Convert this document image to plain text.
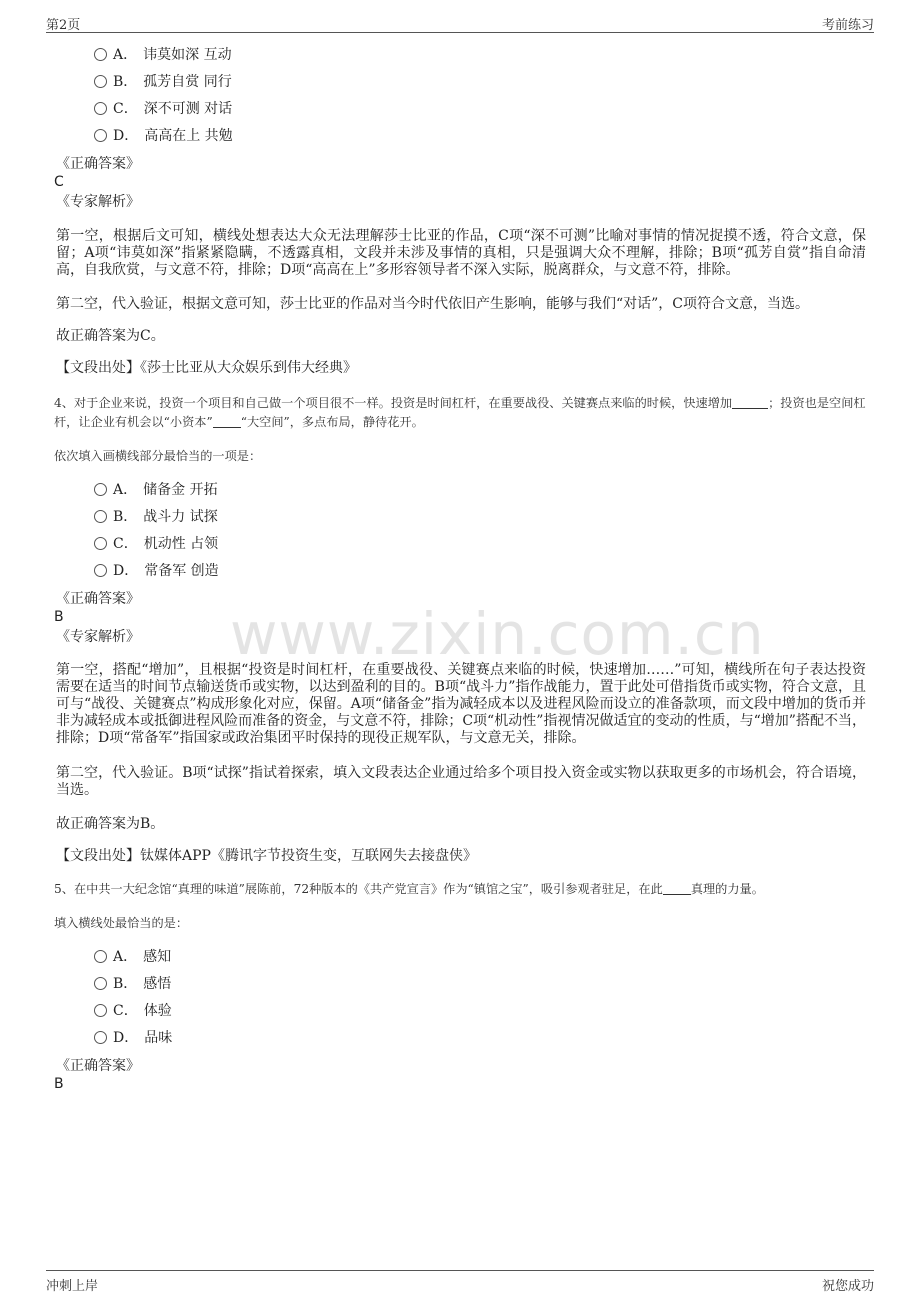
第2页	考前练习
www.zixin.com.cn
A． 讳莫如深 互动
B． 孤芳自赏 同行
C． 深不可测 对话
D． 高高在上 共勉
《正确答案》
C
《专家解析》
第一空，根据后文可知，横线处想表达大众无法理解莎士比亚的作品，C项“深不可测”比喻对事情的情况捉摸不透，符合文意，保留；A项“讳莫如深”指紧紧隐瞒，不透露真相，文段并未涉及事情的真相，只是强调大众不理解，排除；B项“孤芳自赏”指自命清高，自我欣赏，与文意不符，排除；D项“高高在上”多形容领导者不深入实际，脱离群众，与文意不符，排除。
第二空，代入验证，根据文意可知，莎士比亚的作品对当今时代依旧产生影响，能够与我们“对话”，C项符合文意，当选。
故正确答案为C。
【文段出处】《莎士比亚从大众娱乐到伟大经典》
4、对于企业来说，投资一个项目和自己做一个项目很不一样。投资是时间杠杆，在重要战役、关键赛点来临的时候，快速增加	；投资也是空间杠杆，让企业有机会以“小资本” “大空间”，多点布局，静待花开。
依次填入画横线部分最恰当的一项是：
A． 储备金 开拓
B． 战斗力 试探
C． 机动性 占领
D． 常备军 创造
《正确答案》
B
《专家解析》
第一空，搭配“增加”，且根据“投资是时间杠杆，在重要战役、关键赛点来临的时候，快速增加……”可知，横线所在句子表达投资需要在适当的时间节点输送货币或实物，以达到盈利的目的。B项“战斗力”指作战能力，置于此处可借指货币或实物，符合文意，且可与“战役、关键赛点”构成形象化对应，保留。A项“储备金”指为减轻成本以及进程风险而设立的准备款项，而文段中增加的货币并非为减轻成本或抵御进程风险而准备的资金，与文意不符，排除；C项“机动性”指视情况做适宜的变动的性质，与“增加”搭配不当，排除；D项“常备军”指国家或政治集团平时保持的现役正规军队，与文意无关，排除。
第二空，代入验证。B项“试探”指试着探索，填入文段表达企业通过给多个项目投入资金或实物以获取更多的市场机会，符合语境，当选。
故正确答案为B。
【文段出处】钛媒体APP《腾讯字节投资生变，互联网失去接盘侠》
5、在中共一大纪念馆“真理的味道”展陈前，72种版本的《共产党宣言》作为“镇馆之宝”，吸引参观者驻足，在此 真理的力量。
填入横线处最恰当的是：
A． 感知
B． 感悟
C． 体验
D． 品味
《正确答案》
B
冲刺上岸	祝您成功
